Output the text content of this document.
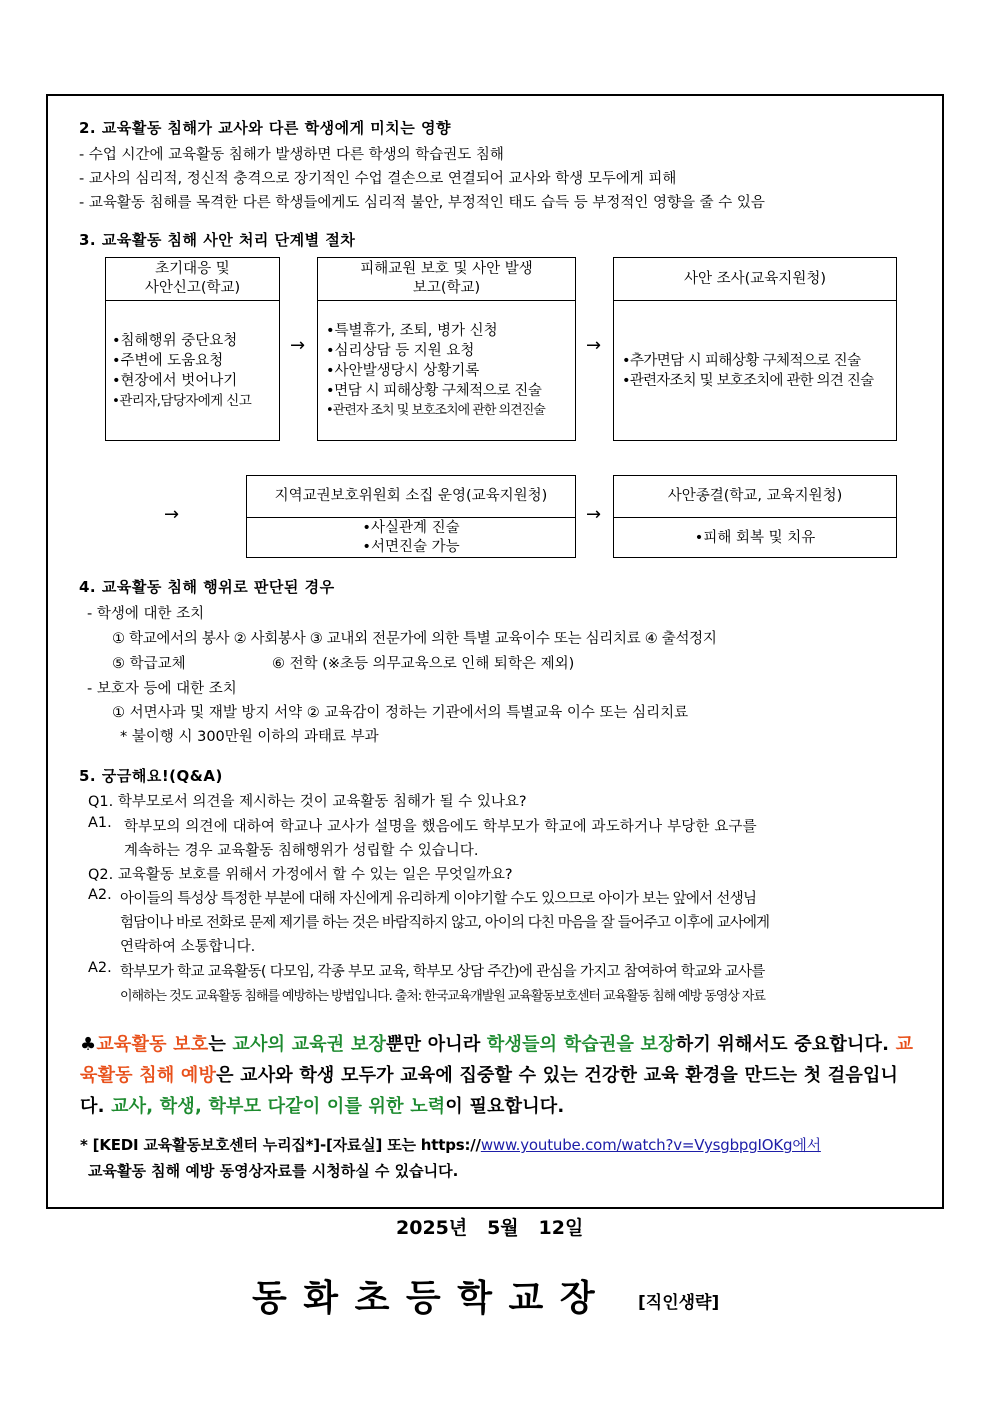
2. 교육활동 침해가 교사와 다른 학생에게 미치는 영향
- 수업 시간에 교육활동 침해가 발생하면 다른 학생의 학습권도 침해
- 교사의 심리적, 정신적 충격으로 장기적인 수업 결손으로 연결되어 교사와 학생 모두에게 피해
- 교육활동 침해를 목격한 다른 학생들에게도 심리적 불안, 부정적인 태도 습득 등 부정적인 영향을 줄 수 있음
3. 교육활동 침해 사안 처리 단계별 절차
초기대응 및
사안신고(학교)
•침해행위 중단요청
•주변에 도움요청
•현장에서 벗어나기
•관리자,담당자에게 신고
→
피해교원 보호 및 사안 발생
보고(학교)
•특별휴가, 조퇴, 병가 신청
•심리상담 등 지원 요청
•사안발생당시 상황기록
•면담 시 피해상황 구체적으로 진술
•관련자 조치 및 보호조치에 관한 의견진술
→
사안 조사(교육지원청)
•추가면담 시 피해상황 구체적으로 진술
•관련자조치 및 보호조치에 관한 의견 진술
→
지역교권보호위원회 소집 운영(교육지원청)
•사실관계 진술
•서면진술 가능
→
사안종결(학교, 교육지원청)
•피해 회복 및 치유
4. 교육활동 침해 행위로 판단된 경우
- 학생에 대한 조치
① 학교에서의 봉사 ② 사회봉사 ③ 교내외 전문가에 의한 특별 교육이수 또는 심리치료 ④ 출석정지
⑤ 학급교체	⑥ 전학 (※초등 의무교육으로 인해 퇴학은 제외)
- 보호자 등에 대한 조치
① 서면사과 및 재발 방지 서약 ② 교육감이 정하는 기관에서의 특별교육 이수 또는 심리치료
* 불이행 시 300만원 이하의 과태료 부과
5. 궁금해요!(Q&A)
Q1. 학부모로서 의견을 제시하는 것이 교육활동 침해가 될 수 있나요?
A1. 학부모의 의견에 대하여 학교나 교사가 설명을 했음에도 학부모가 학교에 과도하거나 부당한 요구를
계속하는 경우 교육활동 침해행위가 성립할 수 있습니다.
Q2. 교육활동 보호를 위해서 가정에서 할 수 있는 일은 무엇일까요?
A2. 아이들의 특성상 특정한 부분에 대해 자신에게 유리하게 이야기할 수도 있으므로 아이가 보는 앞에서 선생님
험담이나 바로 전화로 문제 제기를 하는 것은 바람직하지 않고, 아이의 다친 마음을 잘 들어주고 이후에 교사에게
연락하여 소통합니다.
A2. 학부모가 학교 교육활동( 다모임, 각종 부모 교육, 학부모 상담 주간)에 관심을 가지고 참여하여 학교와 교사를
이해하는 것도 교육활동 침해를 예방하는 방법입니다. 출처: 한국교육개발원 교육활동보호센터 교육활동 침해 예방 동영상 자료
♣교육활동 보호는 교사의 교육권 보장뿐만 아니라 학생들의 학습권을 보장하기 위해서도 중요합니다. 교육활동 침해 예방은 교사와 학생 모두가 교육에 집중할 수 있는 건강한 교육 환경을 만드는 첫 걸음입니다. 교사, 학생, 학부모 다같이 이를 위한 노력이 필요합니다.
* [KEDI 교육활동보호센터 누리집*]-[자료실] 또는 https://www.youtube.com/watch?v=VysgbpgIOKg에서
교육활동 침해 예방 동영상자료를 시청하실 수 있습니다.
2025년   5월   12일
동 화 초 등 학 교 장 [직인생략]
